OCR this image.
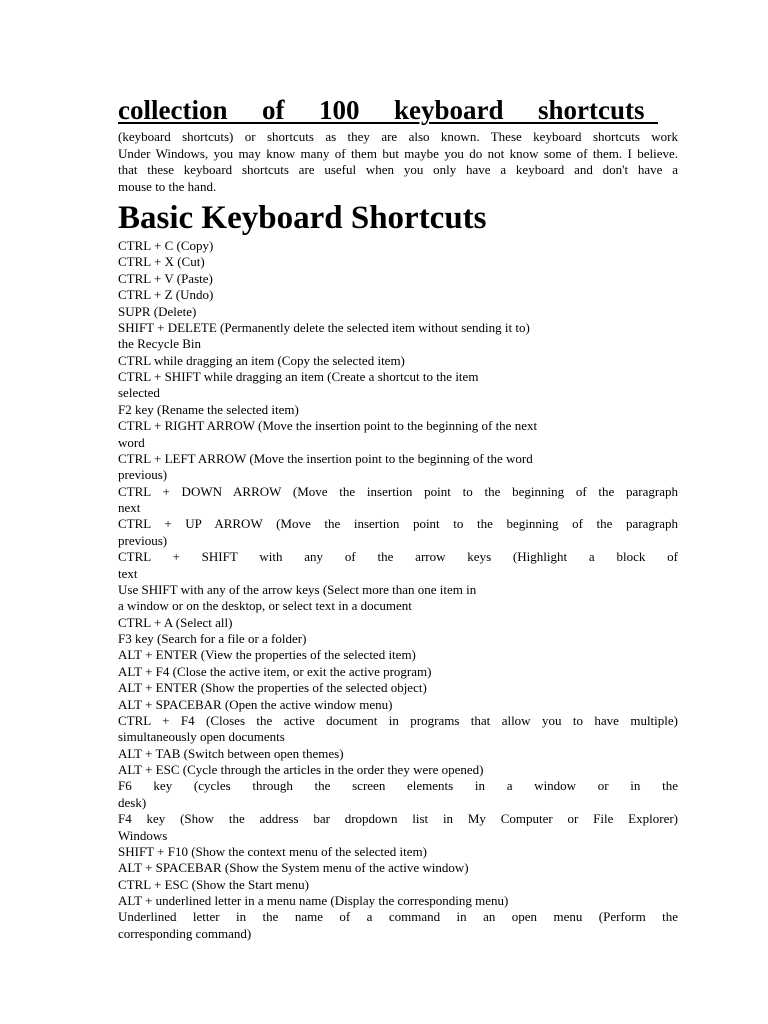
collection of 100 keyboard shortcuts

(keyboard shortcuts) or shortcuts as they are also known. These keyboard shortcuts work
Under Windows, you may know many of them but maybe you do not know some of them. I believe.
that these keyboard shortcuts are useful when you only have a keyboard and don't have a
mouse to the hand.

Basic Keyboard Shortcuts
CTRL + C (Copy)
CTRL + X (Cut)
CTRL + V (Paste)
CTRL + Z (Undo)
SUPR (Delete)
SHIFT + DELETE (Permanently delete the selected item without sending it to)
the Recycle Bin
CTRL while dragging an item (Copy the selected item)
CTRL + SHIFT while dragging an item (Create a shortcut to the item
selected
F2 key (Rename the selected item)
CTRL + RIGHT ARROW (Move the insertion point to the beginning of the next
word
CTRL + LEFT ARROW (Move the insertion point to the beginning of the word
previous)
CTRL + DOWN ARROW (Move the insertion point to the beginning of the paragraph
next
CTRL + UP ARROW (Move the insertion point to the beginning of the paragraph
previous)
CTRL + SHIFT with any of the arrow keys (Highlight a block of
text
Use SHIFT with any of the arrow keys (Select more than one item in
a window or on the desktop, or select text in a document
CTRL + A (Select all)
F3 key (Search for a file or a folder)
ALT + ENTER (View the properties of the selected item)
ALT + F4 (Close the active item, or exit the active program)
ALT + ENTER (Show the properties of the selected object)
ALT + SPACEBAR (Open the active window menu)
CTRL + F4 (Closes the active document in programs that allow you to have multiple)
simultaneously open documents
ALT + TAB (Switch between open themes)
ALT + ESC (Cycle through the articles in the order they were opened)
F6 key (cycles through the screen elements in a window or in the
desk)
F4 key (Show the address bar dropdown list in My Computer or File Explorer)
Windows
SHIFT + F10 (Show the context menu of the selected item)
ALT + SPACEBAR (Show the System menu of the active window)
CTRL + ESC (Show the Start menu)
ALT + underlined letter in a menu name (Display the corresponding menu)
Underlined letter in the name of a command in an open menu (Perform the
corresponding command)
